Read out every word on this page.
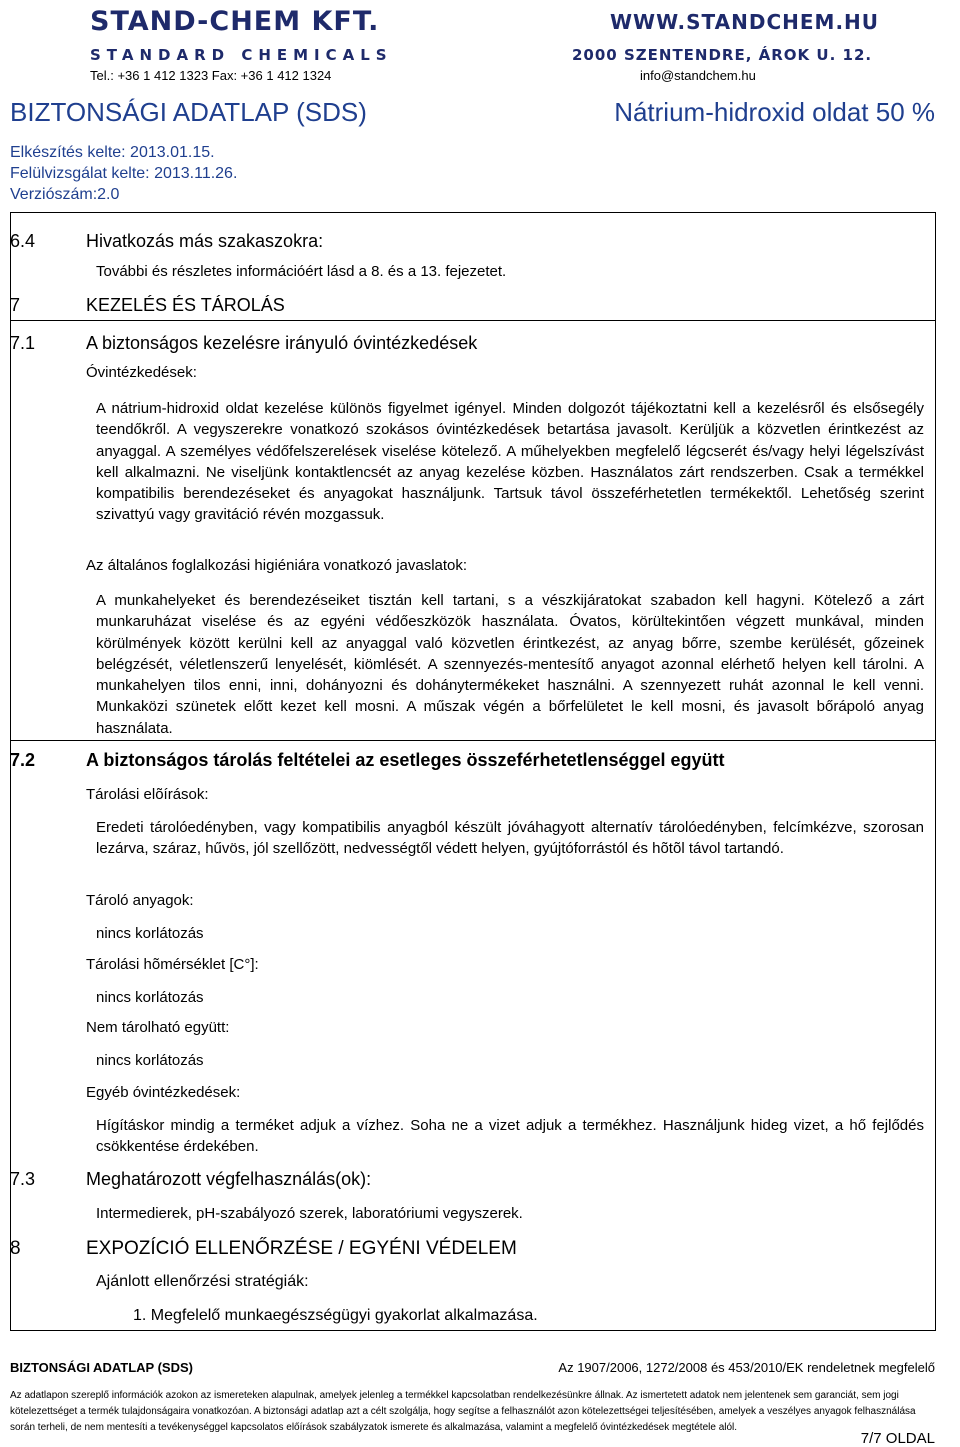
STAND-CHEM KFT.	WWW.STANDCHEM.HU
STANDARD CHEMICALS	2000 SZENTENDRE, ÁROK U. 12.
Tel.: +36 1 412 1323 Fax: +36 1 412 1324	info@standchem.hu
BIZTONSÁGI ADATLAP (SDS)	Nátrium-hidroxid oldat 50 %
Elkészítés kelte: 2013.01.15.
Felülvizsgálat kelte: 2013.11.26.
Verziószám:2.0
6.4	Hivatkozás más szakaszokra:
További és részletes információért lásd a 8. és a 13. fejezetet.
7	KEZELÉS ÉS TÁROLÁS
7.1	A biztonságos kezelésre irányuló óvintézkedések
Óvintézkedések:
A nátrium-hidroxid oldat kezelése különös figyelmet igényel. Minden dolgozót tájékoztatni kell a kezelésről és elsősegély teendőkről. A vegyszerekre vonatkozó szokásos óvintézkedések betartása javasolt. Kerüljük a közvetlen érintkezést az anyaggal. A személyes védőfelszerelések viselése kötelező. A műhelyekben megfelelő légcserét és/vagy helyi légelszívást kell alkalmazni. Ne viseljünk kontaktlencsét az anyag kezelése közben. Használatos zárt rendszerben. Csak a termékkel kompatibilis berendezéseket és anyagokat használjunk. Tartsuk távol összeférhetetlen termékektől. Lehetőség szerint szivattyú vagy gravitáció révén mozgassuk.
Az általános foglalkozási higiéniára vonatkozó javaslatok:
A munkahelyeket és berendezéseiket tisztán kell tartani, s a vészkijáratokat szabadon kell hagyni. Kötelező a zárt munkaruházat viselése és az egyéni védőeszközök használata. Óvatos, körültekintően végzett munkával, minden körülmények között kerülni kell az anyaggal való közvetlen érintkezést, az anyag bőrre, szembe kerülését, gőzeinek belégzését, véletlenszerű lenyelését, kiömlését. A szennyezés-mentesítő anyagot azonnal elérhető helyen kell tárolni. A munkahelyen tilos enni, inni, dohányozni és dohánytermékeket használni. A szennyezett ruhát azonnal le kell venni. Munkaközi szünetek előtt kezet kell mosni. A műszak végén a bőrfelületet le kell mosni, és javasolt bőrápoló anyag használata.
7.2	A biztonságos tárolás feltételei az esetleges összeférhetetlenséggel együtt
Tárolási elõírások:
Eredeti tárolóedényben, vagy kompatibilis anyagból készült jóváhagyott alternatív tárolóedényben, felcímkézve, szorosan lezárva, száraz, hűvös, jól szellőzött, nedvességtől védett helyen, gyújtóforrástól és hõtõl távol tartandó.
Tároló anyagok:
nincs korlátozás
Tárolási hõmérséklet [C°]:
nincs korlátozás
Nem tárolható együtt:
nincs korlátozás
Egyéb óvintézkedések:
Hígításkor mindig a terméket adjuk a vízhez. Soha ne a vizet adjuk a termékhez. Használjunk hideg vizet, a hő fejlődés csökkentése érdekében.
7.3	Meghatározott végfelhasználás(ok):
Intermedierek, pH-szabályozó szerek, laboratóriumi vegyszerek.
8	EXPOZÍCIÓ ELLENŐRZÉSE / EGYÉNI VÉDELEM
Ajánlott ellenőrzési stratégiák:
1. Megfelelő munkaegészségügyi gyakorlat alkalmazása.
BIZTONSÁGI ADATLAP (SDS)	Az 1907/2006, 1272/2008 és 453/2010/EK rendeletnek megfelelő
Az adatlapon szereplő információk azokon az ismereteken alapulnak, amelyek jelenleg a termékkel kapcsolatban rendelkezésünkre állnak. Az ismertetett adatok nem jelentenek sem garanciát, sem jogi kötelezettséget a termék tulajdonságaira vonatkozóan. A biztonsági adatlap azt a célt szolgálja, hogy segítse a felhasználót azon kötelezettségei teljesítésében, amelyek a veszélyes anyagok felhasználása során terheli, de nem mentesíti a tevékenységgel kapcsolatos előírások szabályzatok ismerete és alkalmazása, valamint a megfelelő óvintézkedések megtétele alól.
7/7 OLDAL
